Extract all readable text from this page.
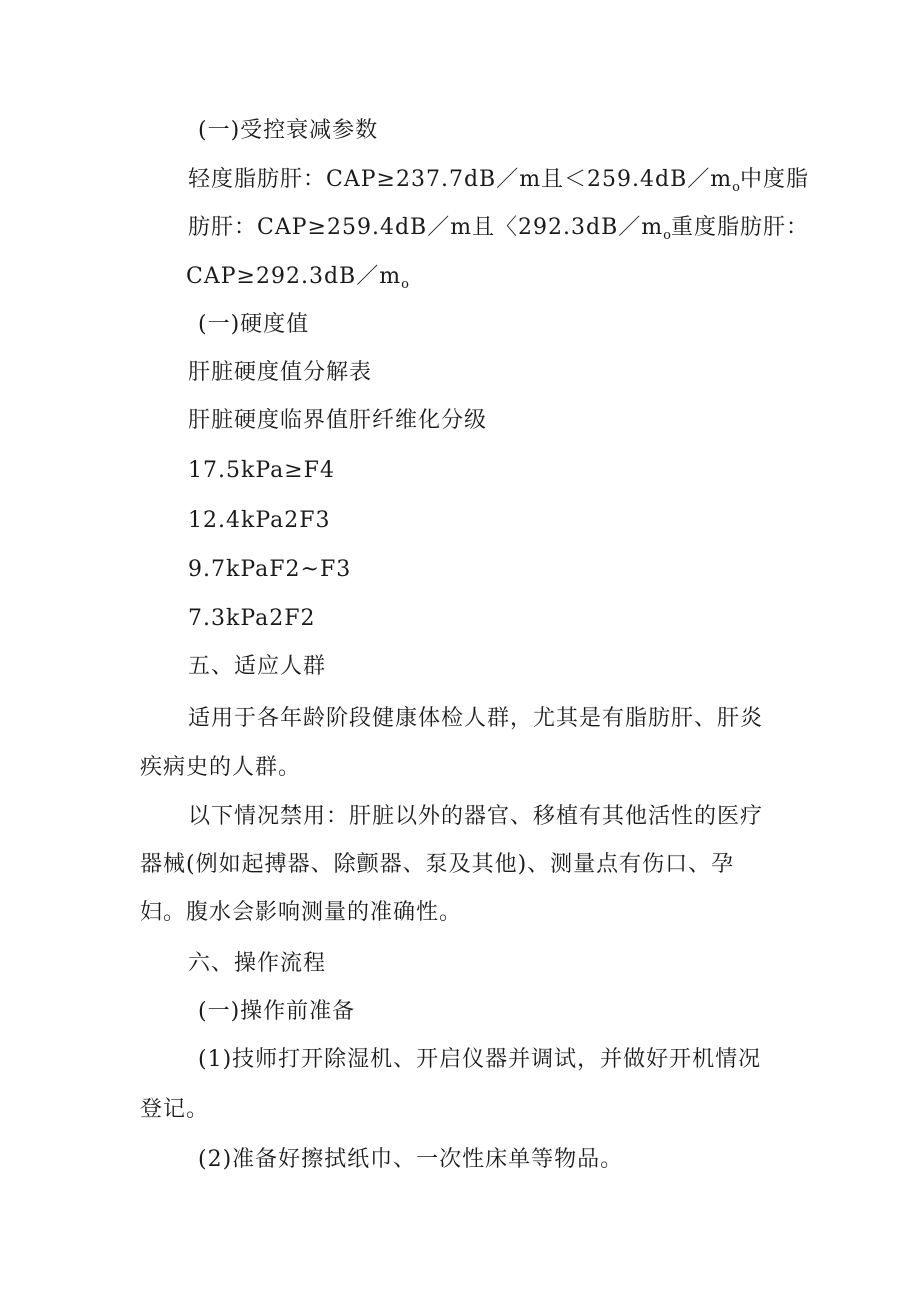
(一)受控衰减参数
轻度脂肪肝：CAP≥237.7dB／m且$<259.4dB/m_o$中度脂
肪肝：CAP≥259.4dB／m且〈$292.3dB/m_o$重度脂肪肝：
$CAP\ge 292.3dB/m_o$
(一)硬度值
肝脏硬度值分解表
肝脏硬度临界值肝纤维化分级
17.5kPa≥F4
12.4kPa2F3
9.7kPaF2~F3
7.3kPa2F2
五、适应人群
适用于各年龄阶段健康体检人群，尤其是有脂肪肝、肝炎
疾病史的人群。
以下情况禁用：肝脏以外的器官、移植有其他活性的医疗
器械(例如起搏器、除颤器、泵及其他)、测量点有伤口、孕
妇。腹水会影响测量的准确性。
六、操作流程
(一)操作前准备
(1)技师打开除湿机、开启仪器并调试，并做好开机情况
登记。
(2)准备好擦拭纸巾、一次性床单等物品。
